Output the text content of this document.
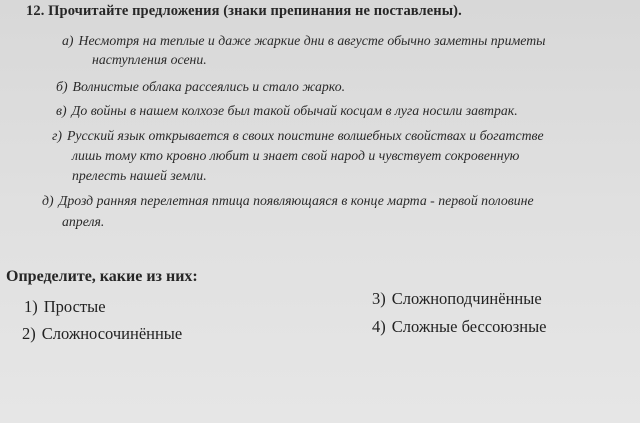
12. Прочитайте предложения (знаки препинания не поставлены).
а) Несмотря на теплые и даже жаркие дни в августе обычно заметны приметы
наступления осени.
б) Волнистые облака рассеялись и стало жарко.
в) До войны в нашем колхозе был такой обычай косцам в луга носили завтрак.
г) Русский язык открывается в своих поистине волшебных свойствах и богатстве
лишь тому кто кровно любит и знает свой народ и чувствует сокровенную
прелесть нашей земли.
д) Дрозд ранняя перелетная птица появляющаяся в конце марта - первой половине
апреля.
Определите, какие из них:
1) Простые
2) Сложносочинённые
3) Сложноподчинённые
4) Сложные бессоюзные
